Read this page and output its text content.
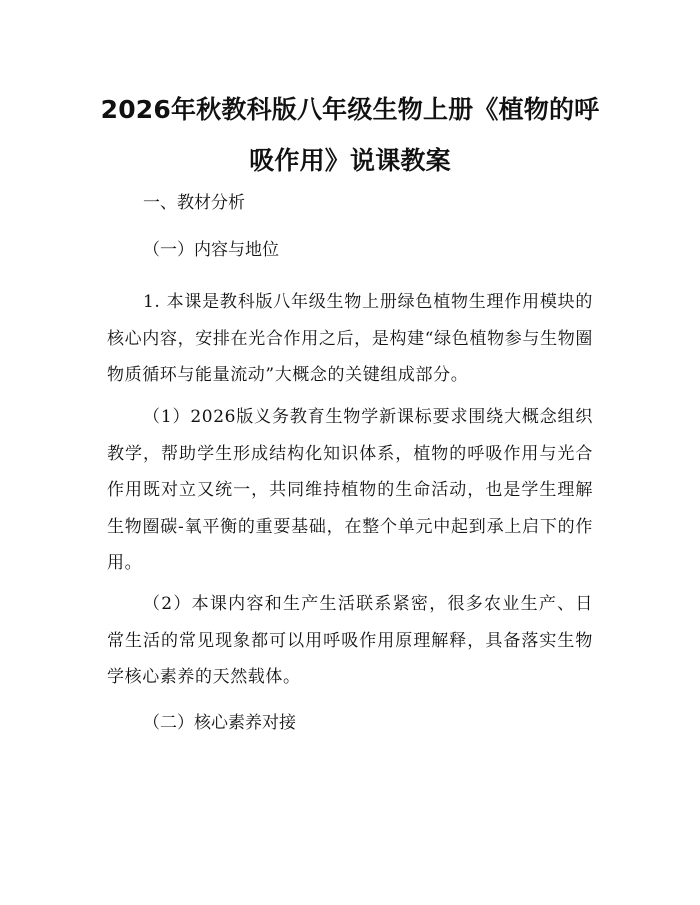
2026年秋教科版八年级生物上册《植物的呼吸作用》说课教案

一、教材分析

（一）内容与地位

1. 本课是教科版八年级生物上册绿色植物生理作用模块的核心内容，安排在光合作用之后，是构建“绿色植物参与生物圈物质循环与能量流动”大概念的关键组成部分。

（1）2026版义务教育生物学新课标要求围绕大概念组织教学，帮助学生形成结构化知识体系，植物的呼吸作用与光合作用既对立又统一，共同维持植物的生命活动，也是学生理解生物圈碳-氧平衡的重要基础，在整个单元中起到承上启下的作用。

（2）本课内容和生产生活联系紧密，很多农业生产、日常生活的常见现象都可以用呼吸作用原理解释，具备落实生物学核心素养的天然载体。

（二）核心素养对接
